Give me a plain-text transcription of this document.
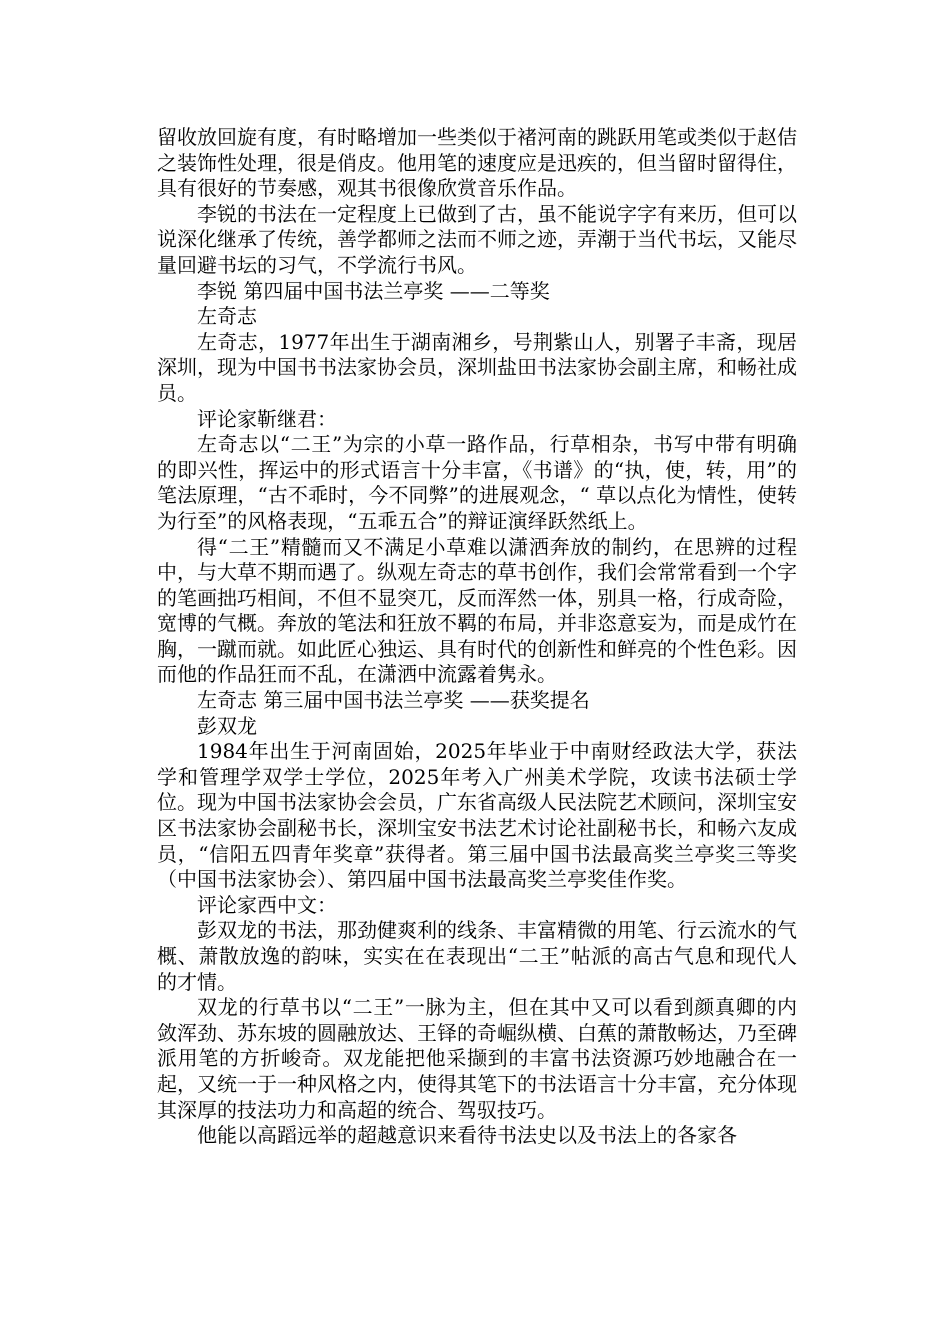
留收放回旋有度，有时略增加一些类似于褚河南的跳跃用笔或类似于赵佶之装饰性处理，很是俏皮。他用笔的速度应是迅疾的，但当留时留得住，具有很好的节奏感，观其书很像欣赏音乐作品。

李锐的书法在一定程度上已做到了古，虽不能说字字有来历，但可以说深化继承了传统，善学都师之法而不师之迹，弄潮于当代书坛，又能尽量回避书坛的习气，不学流行书风。

李锐 第四届中国书法兰亭奖 ——二等奖

左奇志

左奇志，1977年出生于湖南湘乡，号荆紫山人，别署子丰斋，现居深圳，现为中国书书法家协会员，深圳盐田书法家协会副主席，和畅社成员。

评论家靳继君：

左奇志以“二王”为宗的小草一路作品，行草相杂，书写中带有明确的即兴性，挥运中的形式语言十分丰富，《书谱》的“执，使，转，用”的笔法原理，“古不乖时，今不同弊”的进展观念，“ 草以点化为情性，使转为行至”的风格表现，“五乖五合”的辩证演绎跃然纸上。

得“二王”精髓而又不满足小草难以潇洒奔放的制约，在思辨的过程中，与大草不期而遇了。纵观左奇志的草书创作，我们会常常看到一个字的笔画拙巧相间，不但不显突兀，反而浑然一体，别具一格，行成奇险，宽博的气概。奔放的笔法和狂放不羁的布局，并非恣意妄为，而是成竹在胸，一蹴而就。如此匠心独运、具有时代的创新性和鲜亮的个性色彩。因而他的作品狂而不乱，在潇洒中流露着隽永。

左奇志 第三届中国书法兰亭奖 ——获奖提名

彭双龙

1984年出生于河南固始，2025年毕业于中南财经政法大学，获法学和管理学双学士学位，2025年考入广州美术学院，攻读书法硕士学位。现为中国书法家协会会员，广东省高级人民法院艺术顾问，深圳宝安区书法家协会副秘书长，深圳宝安书法艺术讨论社副秘书长，和畅六友成员，“信阳五四青年奖章”获得者。第三届中国书法最高奖兰亭奖三等奖（中国书法家协会）、第四届中国书法最高奖兰亭奖佳作奖。

评论家西中文：

彭双龙的书法，那劲健爽利的线条、丰富精微的用笔、行云流水的气概、萧散放逸的韵味，实实在在表现出“二王”帖派的高古气息和现代人的才情。

双龙的行草书以“二王”一脉为主，但在其中又可以看到颜真卿的内敛浑劲、苏东坡的圆融放达、王铎的奇崛纵横、白蕉的萧散畅达，乃至碑派用笔的方折峻奇。双龙能把他采撷到的丰富书法资源巧妙地融合在一起，又统一于一种风格之内，使得其笔下的书法语言十分丰富，充分体现其深厚的技法功力和高超的统合、驾驭技巧。

他能以高蹈远举的超越意识来看待书法史以及书法上的各家各
